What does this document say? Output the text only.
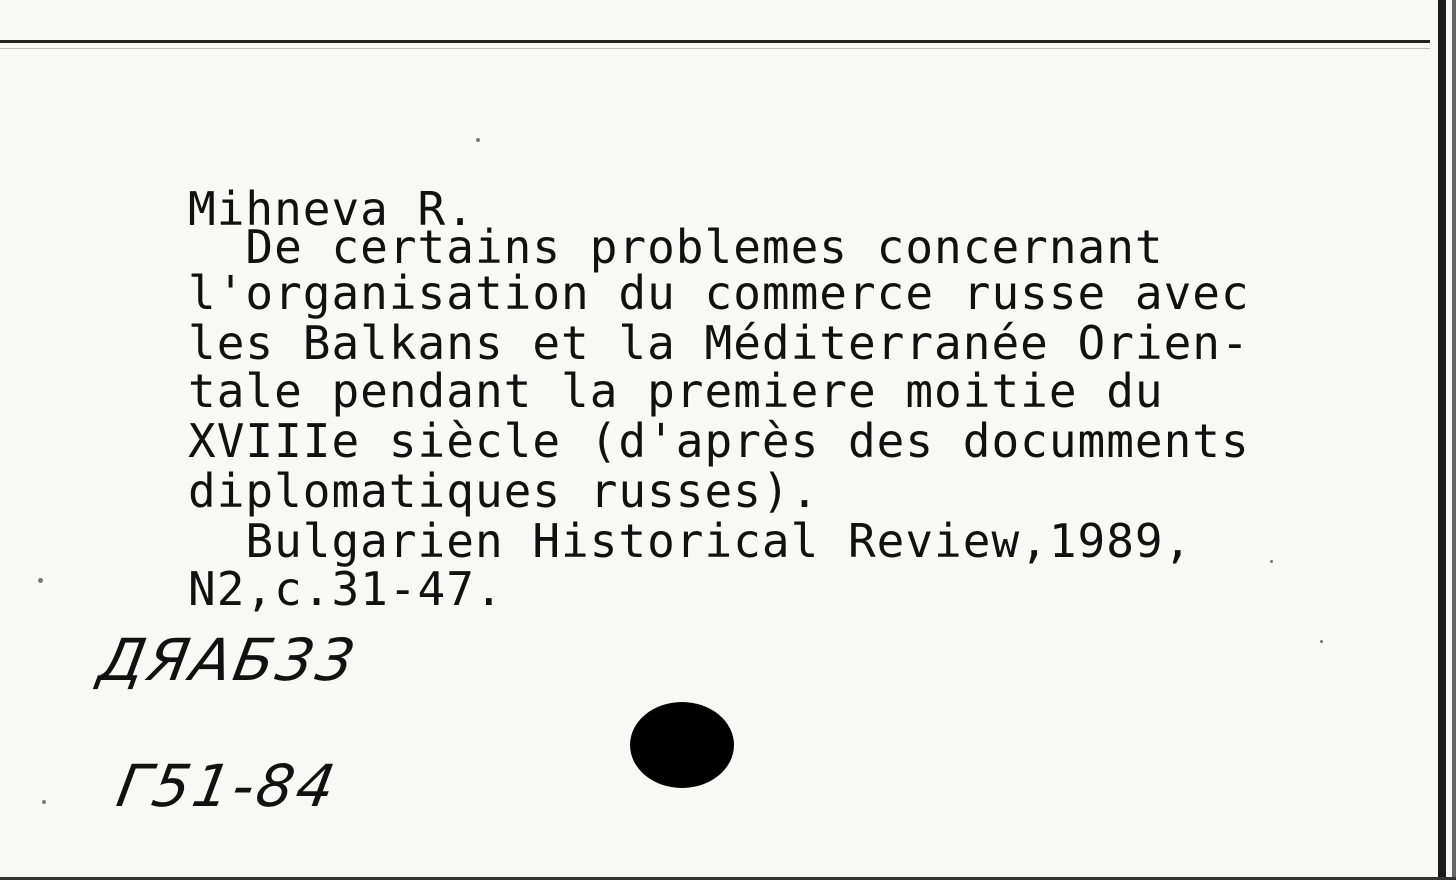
Mihneva R.

De certains problemes concernant

l'organisation du commerce russe avec

les Balkans et la Méditerranée Orien-

tale pendant la premiere moitie du

XVIIIe siècle (d'après des documments

diplomatiques russes).

Bulgarien Historical Review,1989,

N2,c.31-47.

ДЯАБ33

Г51-84
